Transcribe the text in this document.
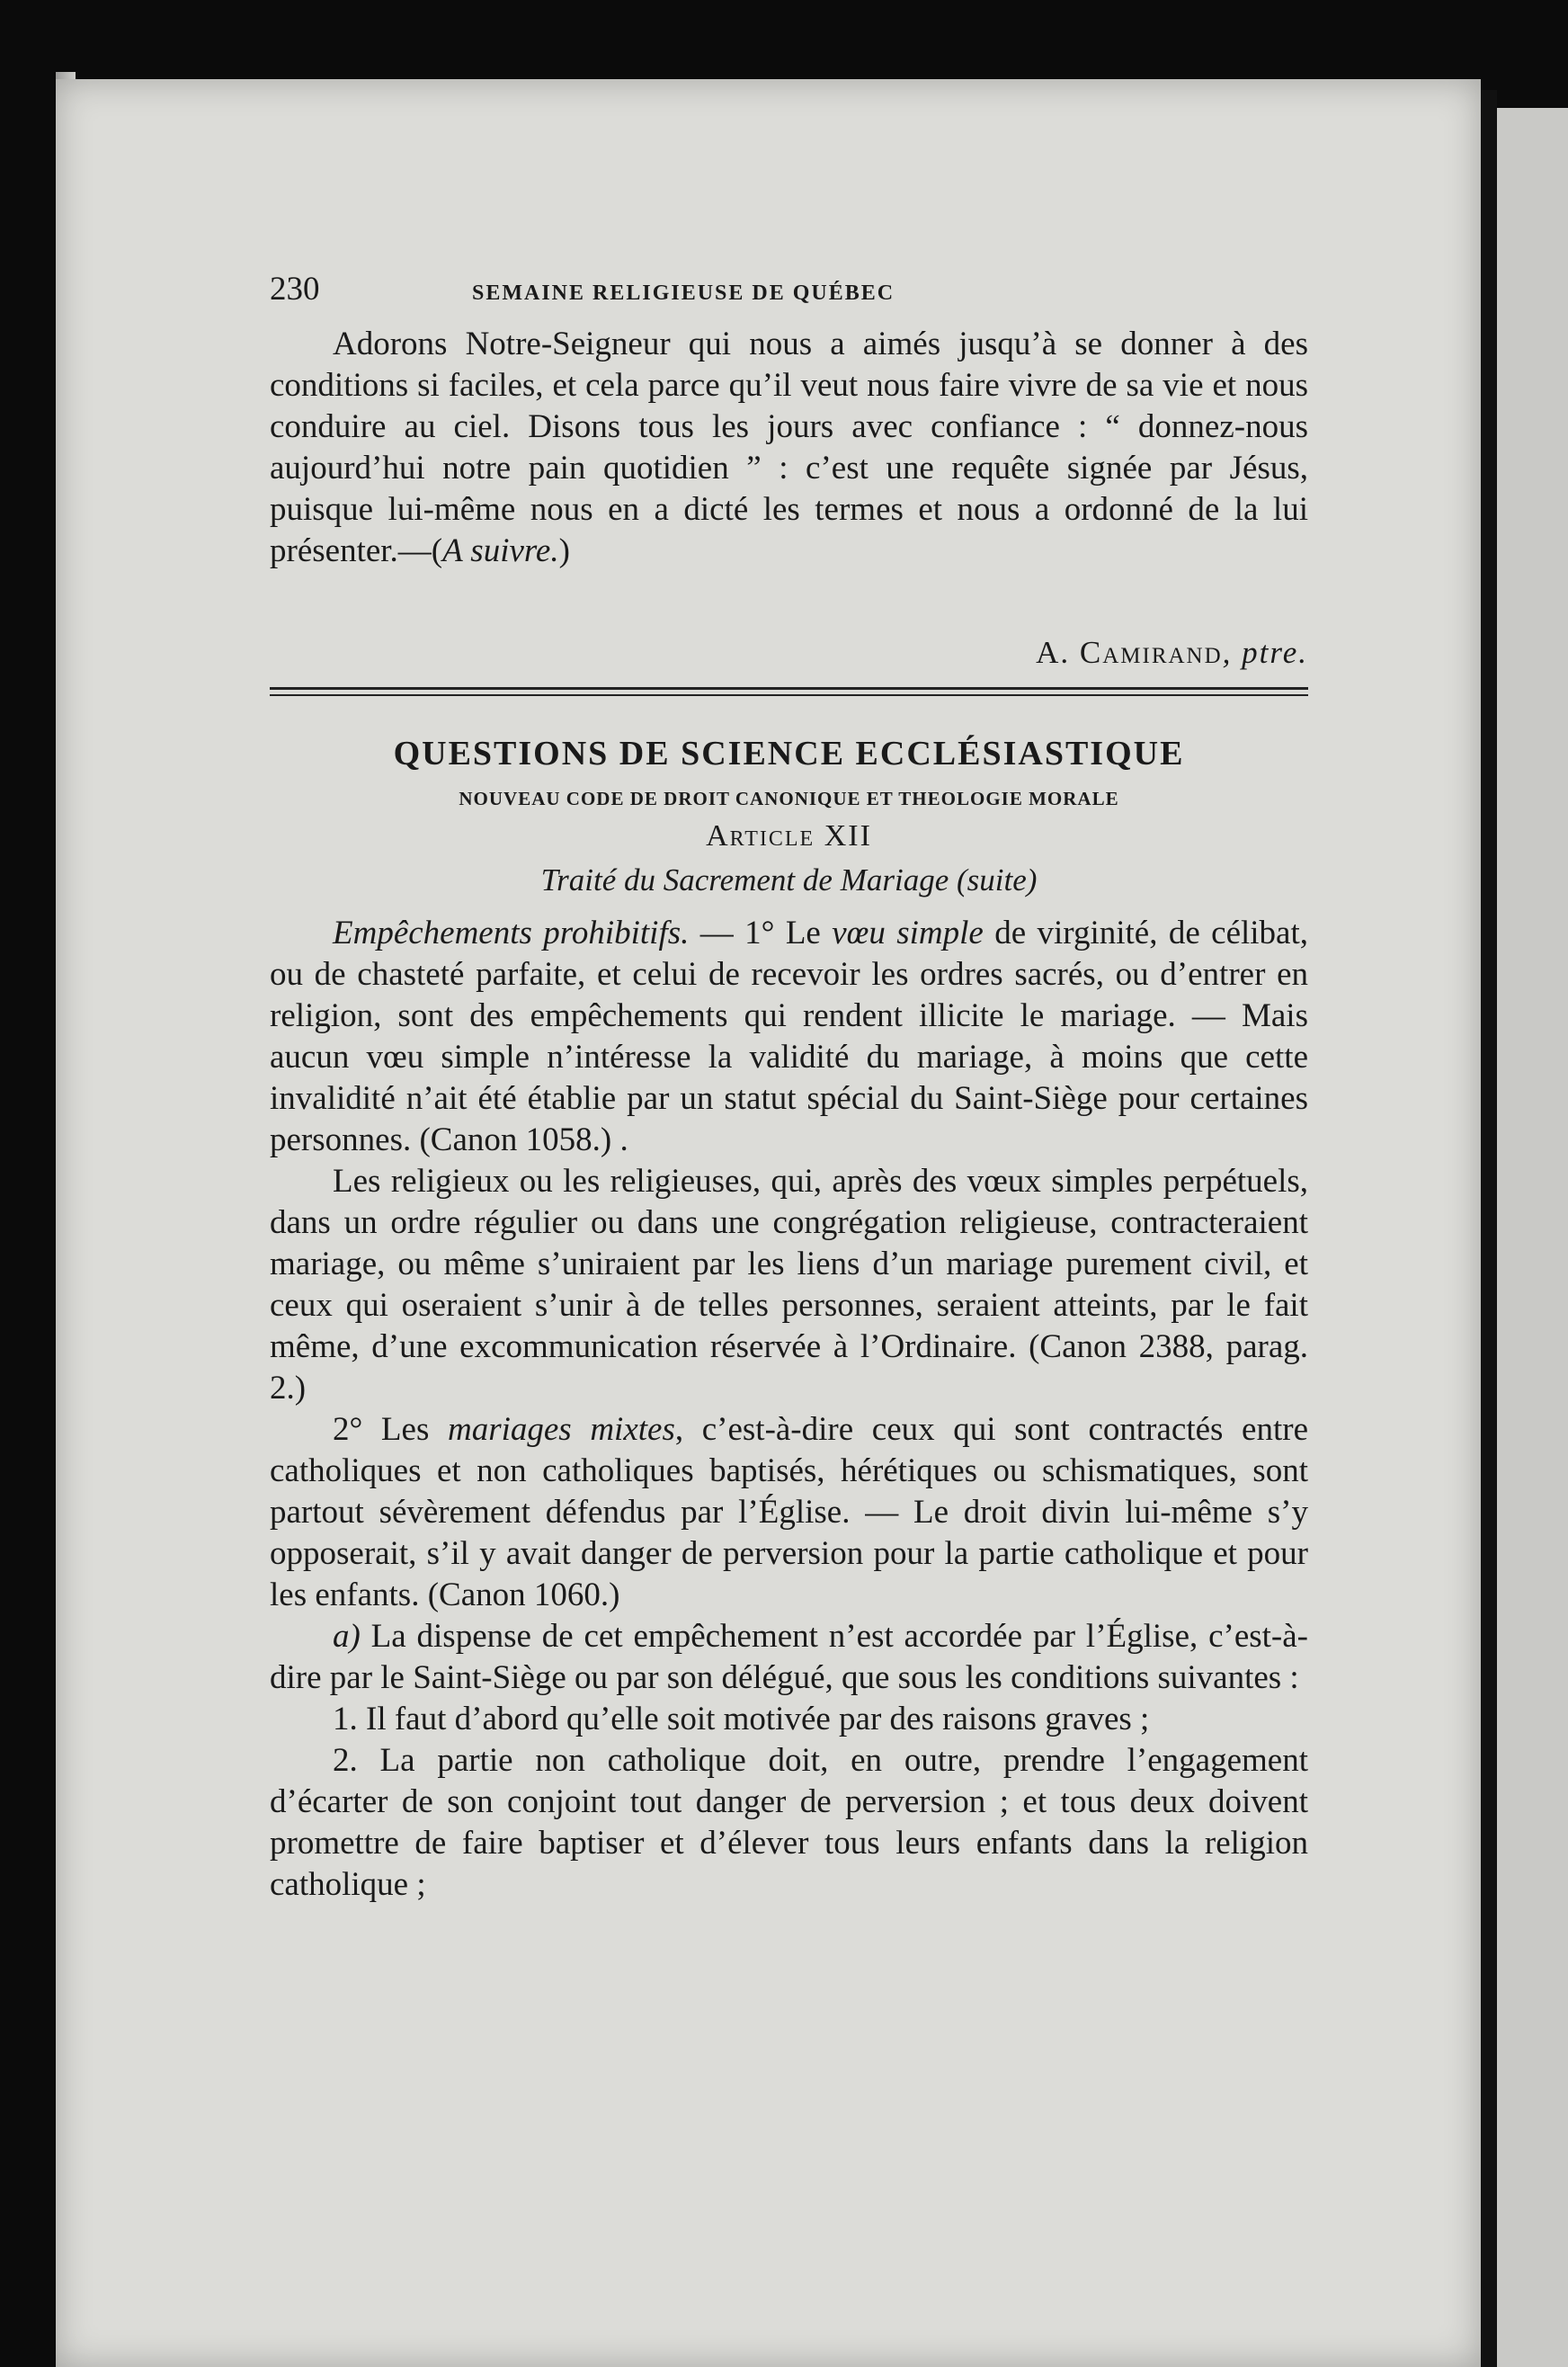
230	SEMAINE RELIGIEUSE DE QUÉBEC

Adorons Notre-Seigneur qui nous a aimés jusqu’à se donner à des conditions si faciles, et cela parce qu’il veut nous faire vivre de sa vie et nous conduire au ciel. Disons tous les jours avec confiance : “ donnez-nous aujourd’hui notre pain quotidien ” : c’est une requête signée par Jésus, puisque lui-même nous en a dicté les termes et nous a ordonné de la lui présenter.—(A suivre.)

A. Camirand, ptre.
QUESTIONS DE SCIENCE ECCLÉSIASTIQUE
NOUVEAU CODE DE DROIT CANONIQUE ET THEOLOGIE MORALE
Article XII
Traité du Sacrement de Mariage (suite)

Empêchements prohibitifs. — 1° Le vœu simple de virginité, de célibat, ou de chasteté parfaite, et celui de recevoir les ordres sacrés, ou d’entrer en religion, sont des empêchements qui rendent illicite le mariage. — Mais aucun vœu simple n’intéresse la validité du mariage, à moins que cette invalidité n’ait été établie par un statut spécial du Saint-Siège pour certaines personnes. (Canon 1058.) .

Les religieux ou les religieuses, qui, après des vœux simples perpétuels, dans un ordre régulier ou dans une congrégation religieuse, contracteraient mariage, ou même s’uniraient par les liens d’un mariage purement civil, et ceux qui oseraient s’unir à de telles personnes, seraient atteints, par le fait même, d’une excommunication réservée à l’Ordinaire. (Canon 2388, parag. 2.)

2° Les mariages mixtes, c’est-à-dire ceux qui sont contractés entre catholiques et non catholiques baptisés, hérétiques ou schismatiques, sont partout sévèrement défendus par l’Église. — Le droit divin lui-même s’y opposerait, s’il y avait danger de perversion pour la partie catholique et pour les enfants. (Canon 1060.)

a) La dispense de cet empêchement n’est accordée par l’Église, c’est-à-dire par le Saint-Siège ou par son délégué, que sous les conditions suivantes :

1. Il faut d’abord qu’elle soit motivée par des raisons graves ;

2. La partie non catholique doit, en outre, prendre l’engagement d’écarter de son conjoint tout danger de perversion ; et tous deux doivent promettre de faire baptiser et d’élever tous leurs enfants dans la religion catholique ;
